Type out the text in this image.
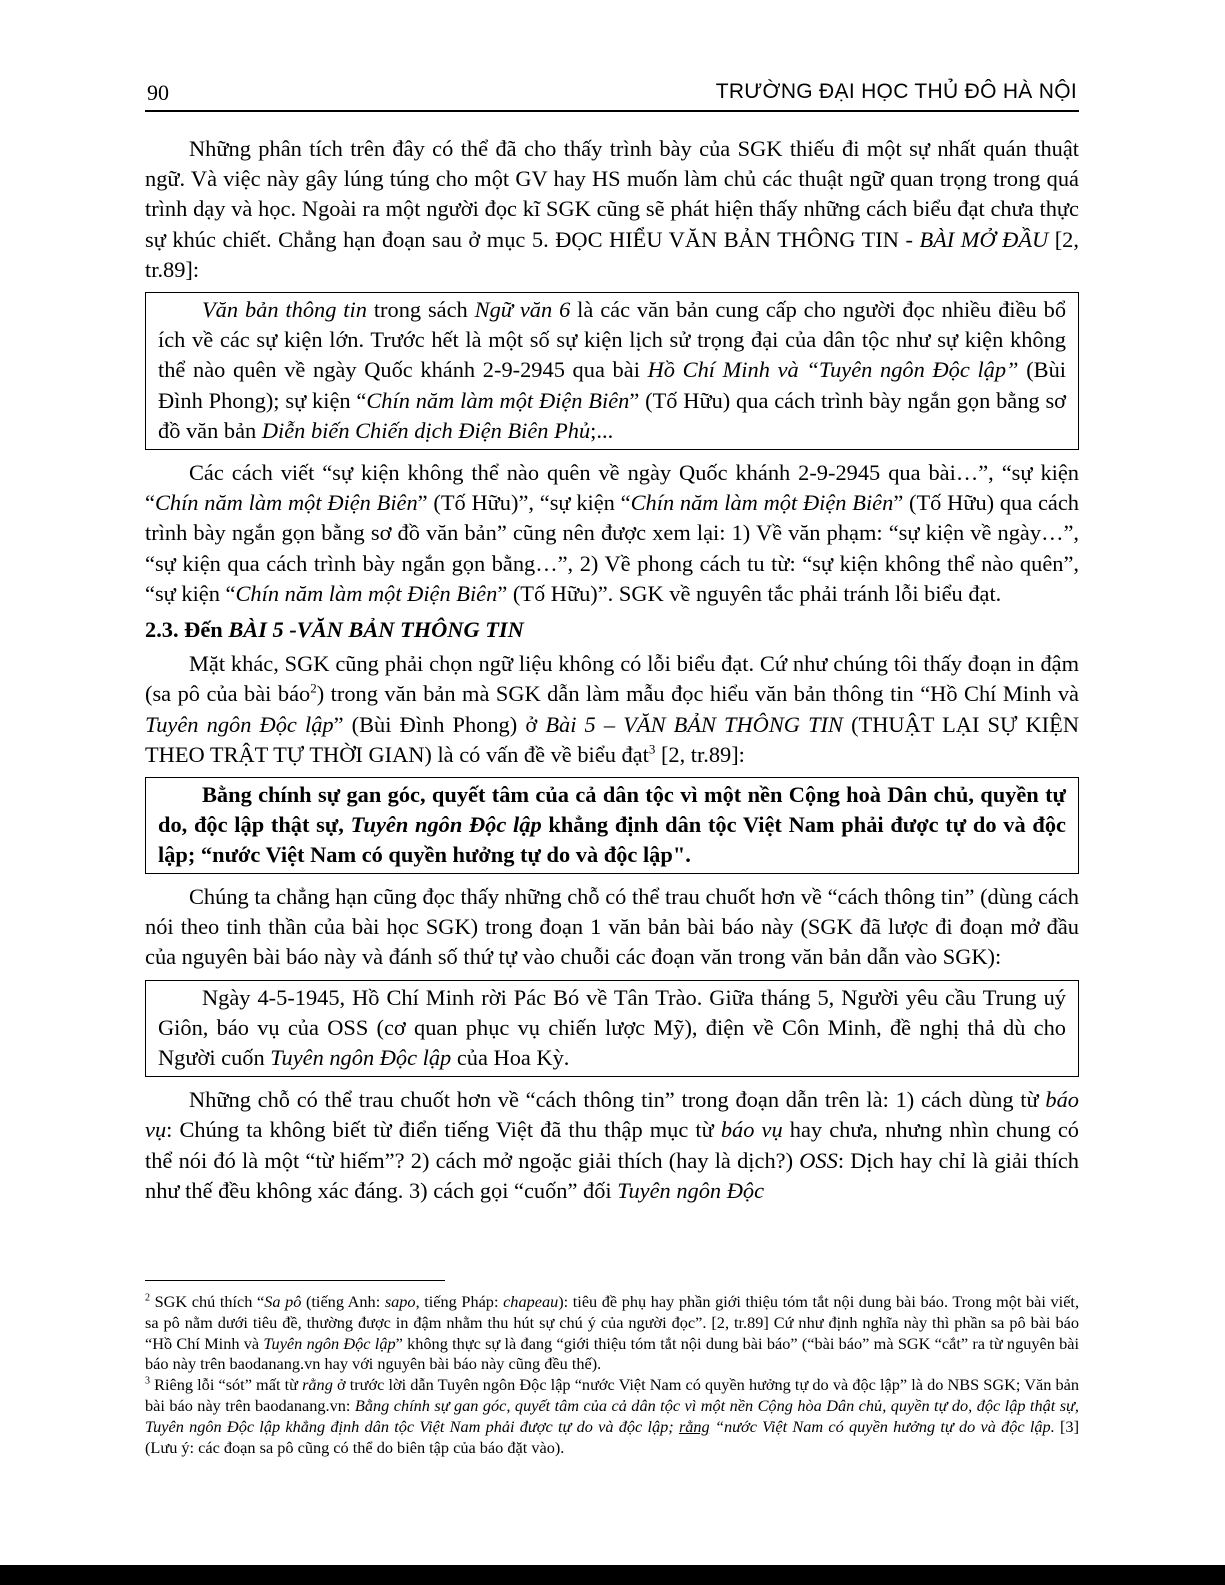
90	TRƯỜNG ĐẠI HỌC THỦ ĐÔ HÀ NỘI

Những phân tích trên đây có thể đã cho thấy trình bày của SGK thiếu đi một sự nhất quán thuật ngữ. Và việc này gây lúng túng cho một GV hay HS muốn làm chủ các thuật ngữ quan trọng trong quá trình dạy và học. Ngoài ra một người đọc kĩ SGK cũng sẽ phát hiện thấy những cách biểu đạt chưa thực sự khúc chiết. Chẳng hạn đoạn sau ở mục 5. ĐỌC HIỂU VĂN BẢN THÔNG TIN - BÀI MỞ ĐẦU [2, tr.89]:

Văn bản thông tin trong sách Ngữ văn 6 là các văn bản cung cấp cho người đọc nhiều điều bổ ích về các sự kiện lớn. Trước hết là một số sự kiện lịch sử trọng đại của dân tộc như sự kiện không thể nào quên về ngày Quốc khánh 2-9-2945 qua bài Hồ Chí Minh và “Tuyên ngôn Độc lập” (Bùi Đình Phong); sự kiện “Chín năm làm một Điện Biên” (Tố Hữu) qua cách trình bày ngắn gọn bằng sơ đồ văn bản Diễn biến Chiến dịch Điện Biên Phủ;...

Các cách viết “sự kiện không thể nào quên về ngày Quốc khánh 2-9-2945 qua bài…”, “sự kiện “Chín năm làm một Điện Biên” (Tố Hữu)”, “sự kiện “Chín năm làm một Điện Biên” (Tố Hữu) qua cách trình bày ngắn gọn bằng sơ đồ văn bản” cũng nên được xem lại: 1) Về văn phạm: “sự kiện về ngày…”, “sự kiện qua cách trình bày ngắn gọn bằng…”, 2) Về phong cách tu từ: “sự kiện không thể nào quên”, “sự kiện “Chín năm làm một Điện Biên” (Tố Hữu)”. SGK về nguyên tắc phải tránh lỗi biểu đạt.

2.3. Đến BÀI 5 -VĂN BẢN THÔNG TIN

Mặt khác, SGK cũng phải chọn ngữ liệu không có lỗi biểu đạt. Cứ như chúng tôi thấy đoạn in đậm (sa pô của bài báo$^2$) trong văn bản mà SGK dẫn làm mẫu đọc hiểu văn bản thông tin “Hồ Chí Minh và Tuyên ngôn Độc lập” (Bùi Đình Phong) ở Bài 5 – VĂN BẢN THÔNG TIN (THUẬT LẠI SỰ KIỆN THEO TRẬT TỰ THỜI GIAN) là có vấn đề về biểu đạt$^3$ [2, tr.89]:

Bằng chính sự gan góc, quyết tâm của cả dân tộc vì một nền Cộng hoà Dân chủ, quyền tự do, độc lập thật sự, Tuyên ngôn Độc lập khẳng định dân tộc Việt Nam phải được tự do và độc lập; “nước Việt Nam có quyền hưởng tự do và độc lập".

Chúng ta chẳng hạn cũng đọc thấy những chỗ có thể trau chuốt hơn về “cách thông tin” (dùng cách nói theo tinh thần của bài học SGK) trong đoạn 1 văn bản bài báo này (SGK đã lược đi đoạn mở đầu của nguyên bài báo này và đánh số thứ tự vào chuỗi các đoạn văn trong văn bản dẫn vào SGK):

Ngày 4-5-1945, Hồ Chí Minh rời Pác Bó về Tân Trào. Giữa tháng 5, Người yêu cầu Trung uý Giôn, báo vụ của OSS (cơ quan phục vụ chiến lược Mỹ), điện về Côn Minh, đề nghị thả dù cho Người cuốn Tuyên ngôn Độc lập của Hoa Kỳ.

Những chỗ có thể trau chuốt hơn về “cách thông tin” trong đoạn dẫn trên là: 1) cách dùng từ báo vụ: Chúng ta không biết từ điển tiếng Việt đã thu thập mục từ báo vụ hay chưa, nhưng nhìn chung có thể nói đó là một “từ hiếm”? 2) cách mở ngoặc giải thích (hay là dịch?) OSS: Dịch hay chỉ là giải thích như thế đều không xác đáng. 3) cách gọi “cuốn” đối Tuyên ngôn Độc

$^2$ SGK chú thích “Sa pô (tiếng Anh: sapo, tiếng Pháp: chapeau): tiêu đề phụ hay phần giới thiệu tóm tắt nội dung bài báo. Trong một bài viết, sa pô nằm dưới tiêu đề, thường được in đậm nhằm thu hút sự chú ý của người đọc”. [2, tr.89] Cứ như định nghĩa này thì phần sa pô bài báo “Hồ Chí Minh và Tuyên ngôn Độc lập” không thực sự là đang “giới thiệu tóm tắt nội dung bài báo” (“bài báo” mà SGK “cắt” ra từ nguyên bài báo này trên baodanang.vn hay với nguyên bài báo này cũng đều thế).

$^3$ Riêng lỗi “sót” mất từ rằng ở trước lời dẫn Tuyên ngôn Độc lập “nước Việt Nam có quyền hưởng tự do và độc lập” là do NBS SGK; Văn bản bài báo này trên baodanang.vn: Bằng chính sự gan góc, quyết tâm của cả dân tộc vì một nền Cộng hòa Dân chủ, quyền tự do, độc lập thật sự, Tuyên ngôn Độc lập khẳng định dân tộc Việt Nam phải được tự do và độc lập; rằng “nước Việt Nam có quyền hưởng tự do và độc lập. [3] (Lưu ý: các đoạn sa pô cũng có thể do biên tập của báo đặt vào).
